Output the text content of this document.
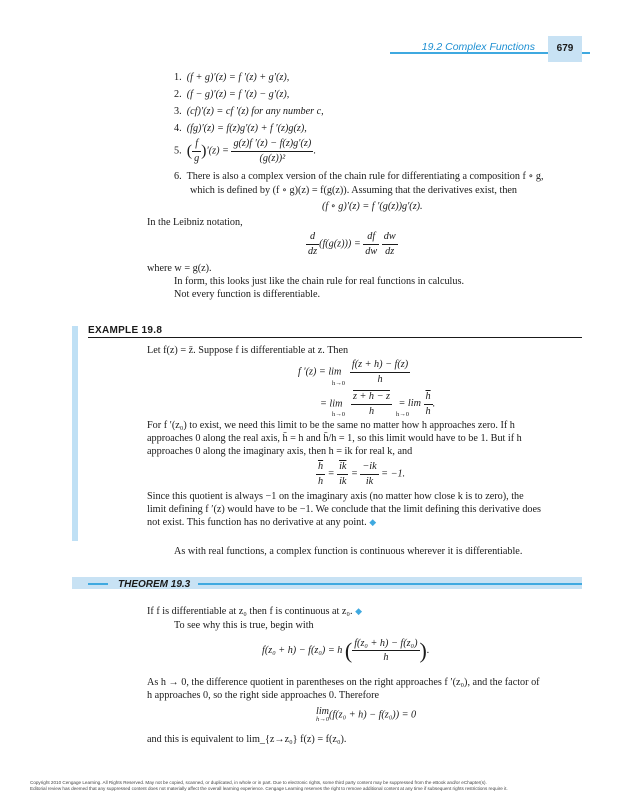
19.2 Complex Functions	679
1. (f + g)′(z) = f ′(z) + g′(z),
2. (f − g)′(z) = f ′(z) − g′(z),
3. (cf)′(z) = cf ′(z) for any number c,
4. (fg)′(z) = f(z)g′(z) + f ′(z)g(z),
5. ( $\frac{f}{g} )'(z) = \frac{g(z)f '(z) - f(z)g'(z)}{\text{(g(z))²}}$ .
6. There is also a complex version of the chain rule for differentiating a composition f ∘ g,
which is defined by (f ∘ g)(z) = f(g(z)). Assuming that the derivatives exist, then
(f ∘ g)′(z) = f ′(g(z))g′(z).
In the Leibniz notation,
$\frac{d}{dz} (f(g(z))) = \frac{df}{dw}$
$\frac{dw}{dz}$
where w = g(z).
In form, this looks just like the chain rule for real functions in calculus.
Not every function is differentiable.
EXAMPLE 19.8
Let f(z) = z̄. Suppose f is differentiable at z. Then
f $'(z) = \lim \frac{f(z + h) - f(z)}{h}$
h→0
= $\lim \frac{z + h - z}{h} = \lim \frac{\overline{h}}{h}$ .
h→0	h→0
For f ′(z₀) to exist, we need this limit to be the same no matter how h approaches zero. If h
approaches 0 along the real axis, h̄ = h and h̄/h = 1, so this limit would have to be 1. But if h
approaches 0 along the imaginary axis, then h = ik for real k, and
$\frac{\overline{h}}{h} = \frac{\overline{ik}}{ik} = \frac{-ik}{ik} = -1$.
Since this quotient is always −1 on the imaginary axis (no matter how close k is to zero), the
limit defining f ′(z) would have to be −1. We conclude that the limit defining this derivative does
not exist. This function has no derivative at any point. ◆
As with real functions, a complex function is continuous wherever it is differentiable.
THEOREM 19.3
If f is differentiable at z₀ then f is continuous at z₀. ◆
To see why this is true, begin with
f(z₀ + h) − f(z₀) = h ( $\frac{\text{f(z₀ + h) − f(z₀)}}{h}$ ).
As h → 0, the difference quotient in parentheses on the right approaches f ′(z₀), and the factor of
h approaches 0, so the right side approaches 0. Therefore
lim
h→0 (f(z₀ + h) − f(z₀)) = 0
and this is equivalent to lim_{z→z₀} f(z) = f(z₀).
Copyright 2010 Cengage Learning. All Rights Reserved. May not be copied, scanned, or duplicated, in whole or in part. Due to electronic rights, some third party content may be suppressed from the eBook and/or eChapter(s).
Editorial review has deemed that any suppressed content does not materially affect the overall learning experience. Cengage Learning reserves the right to remove additional content at any time if subsequent rights restrictions require it.
